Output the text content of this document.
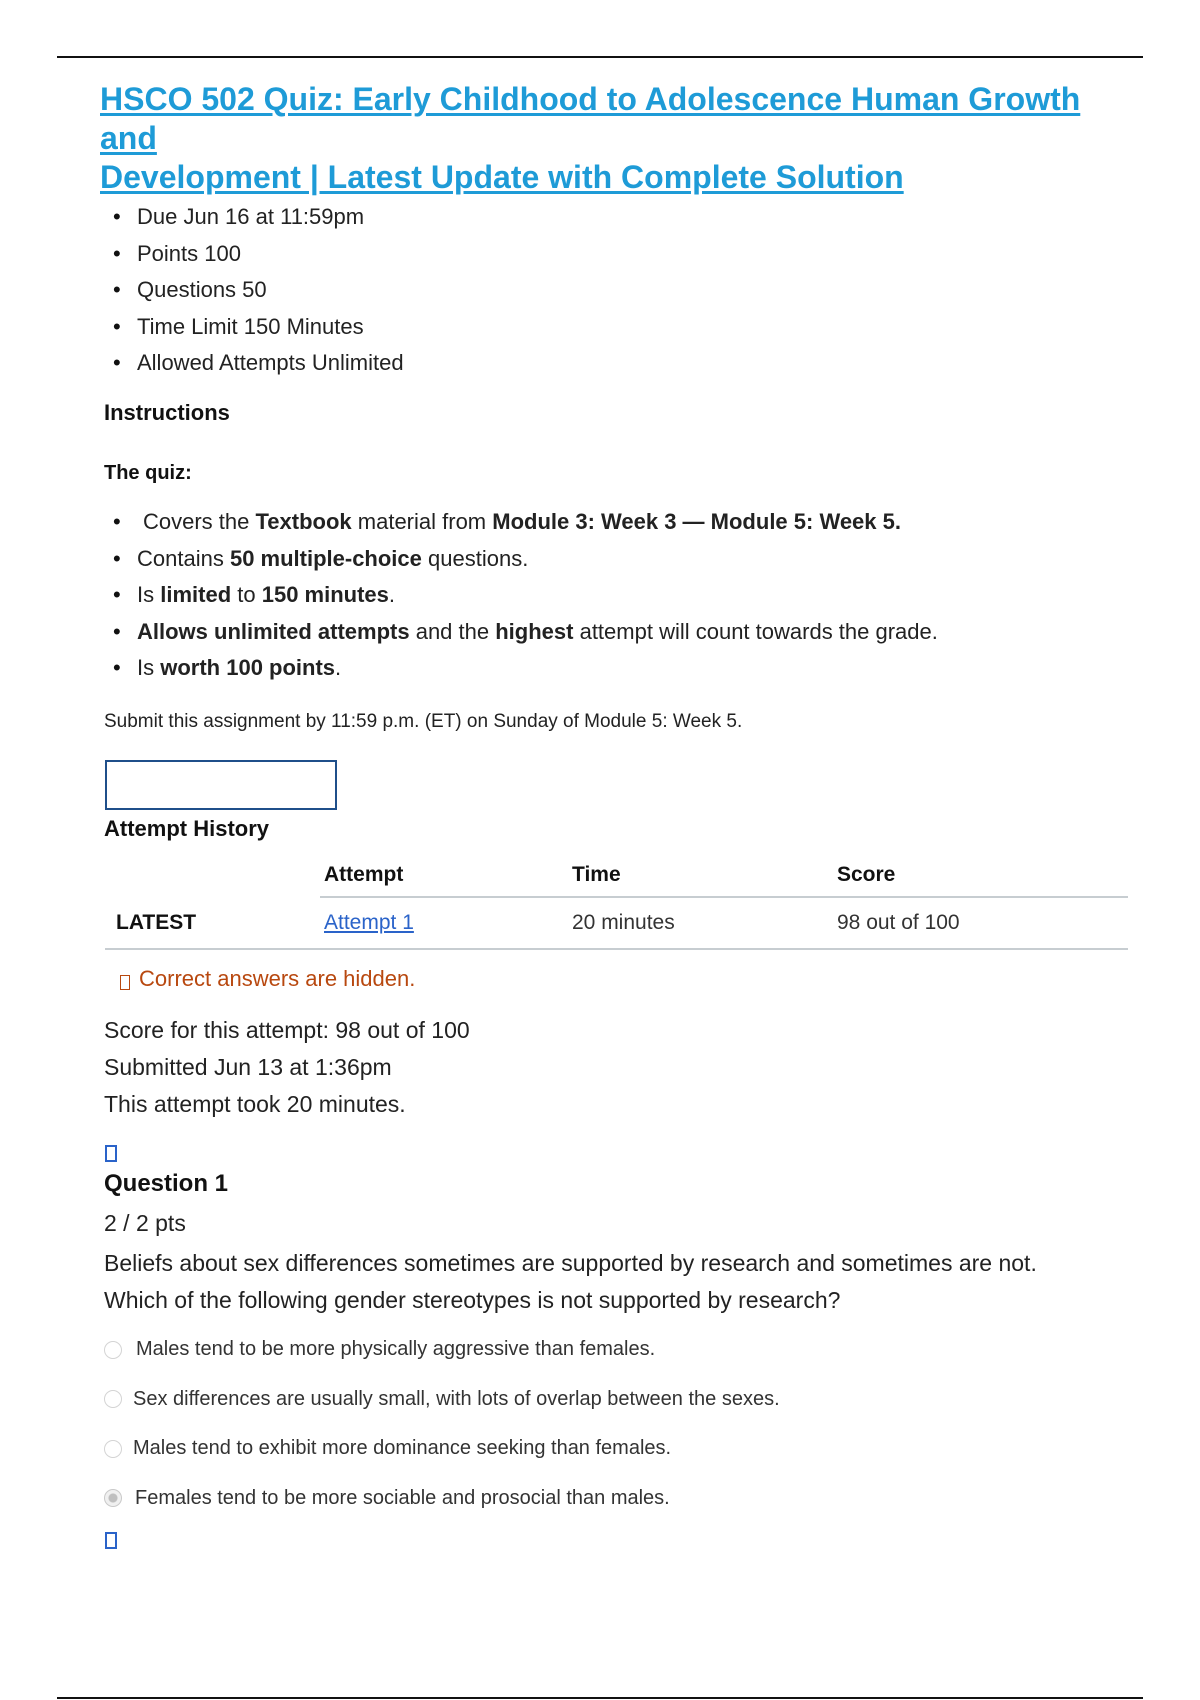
HSCO 502 Quiz: Early Childhood to Adolescence Human Growth and
Development | Latest Update with Complete Solution
• Due Jun 16 at 11:59pm
• Points 100
• Questions 50
• Time Limit 150 Minutes
• Allowed Attempts Unlimited
Instructions
The quiz:
• Covers the Textbook material from Module 3: Week 3 — Module 5: Week 5.
• Contains 50 multiple-choice questions.
• Is limited to 150 minutes.
• Allows unlimited attempts and the highest attempt will count towards the grade.
• Is worth 100 points.
Submit this assignment by 11:59 p.m. (ET) on Sunday of Module 5: Week 5.
Attempt History
	Attempt	Time	Score
LATEST	Attempt 1	20 minutes	98 out of 100
Correct answers are hidden.
Score for this attempt: 98 out of 100
Submitted Jun 13 at 1:36pm
This attempt took 20 minutes.
Question 1
2 / 2 pts
Beliefs about sex differences sometimes are supported by research and sometimes are not.
Which of the following gender stereotypes is not supported by research?
Males tend to be more physically aggressive than females.
Sex differences are usually small, with lots of overlap between the sexes.
Males tend to exhibit more dominance seeking than females.
Females tend to be more sociable and prosocial than males.
